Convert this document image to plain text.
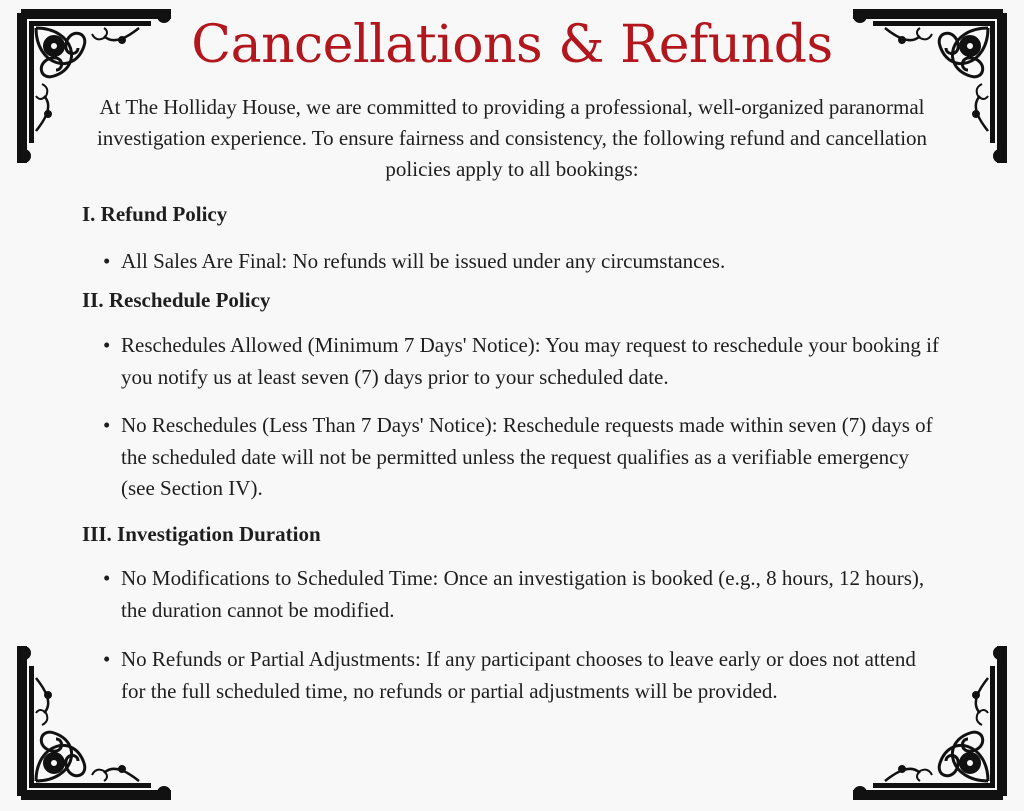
Cancellations & Refunds

At The Holliday House, we are committed to providing a professional, well-organized paranormal investigation experience. To ensure fairness and consistency, the following refund and cancellation policies apply to all bookings:

I. Refund Policy
• All Sales Are Final: No refunds will be issued under any circumstances.
II. Reschedule Policy
• Reschedules Allowed (Minimum 7 Days' Notice): You may request to reschedule your booking if you notify us at least seven (7) days prior to your scheduled date.
• No Reschedules (Less Than 7 Days' Notice): Reschedule requests made within seven (7) days of the scheduled date will not be permitted unless the request qualifies as a verifiable emergency (see Section IV).
III. Investigation Duration
• No Modifications to Scheduled Time: Once an investigation is booked (e.g., 8 hours, 12 hours), the duration cannot be modified.
• No Refunds or Partial Adjustments: If any participant chooses to leave early or does not attend for the full scheduled time, no refunds or partial adjustments will be provided.
